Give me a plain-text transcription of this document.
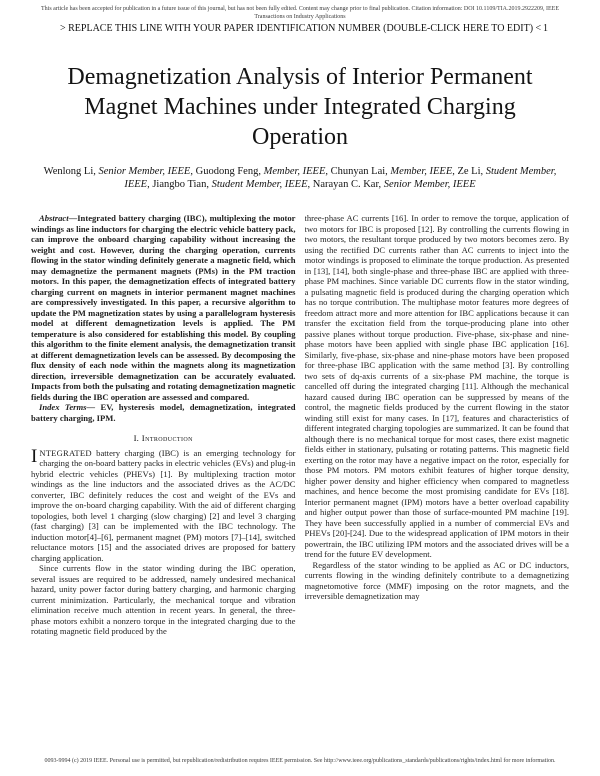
This article has been accepted for publication in a future issue of this journal, but has not been fully edited. Content may change prior to final publication. Citation information: DOI 10.1109/TIA.2019.2922209, IEEE
Transactions on Industry Applications
> REPLACE THIS LINE WITH YOUR PAPER IDENTIFICATION NUMBER (DOUBLE-CLICK HERE TO EDIT) < 1
Demagnetization Analysis of Interior Permanent Magnet Machines under Integrated Charging Operation
Wenlong Li, Senior Member, IEEE, Guodong Feng, Member, IEEE, Chunyan Lai, Member, IEEE, Ze Li, Student Member, IEEE, Jiangbo Tian, Student Member, IEEE, Narayan C. Kar, Senior Member, IEEE

Abstract—Integrated battery charging (IBC), multiplexing the motor windings as line inductors for charging the electric vehicle battery pack, can improve the onboard charging capability without increasing the weight and cost. However, during the charging operation, currents flowing in the stator winding definitely generate a magnetic field, which may demagnetize the permanent magnets (PMs) in the PM traction motors. In this paper, the demagnetization effects of integrated battery charging current on magnets in interior permanent magnet machines are compressively investigated. In this paper, a recursive algorithm to update the PM magnetization states by using a parallelogram hysteresis model at different demagnetization levels is applied. The PM temperature is also considered for establishing this model. By coupling this algorithm to the finite element analysis, the demagnetization transit at different demagnetization levels can be assessed. By decomposing the flux density of each node within the magnets along its magnetization direction, irreversible demagnetization can be accurately evaluated. Impacts from both the pulsating and rotating demagnetization magnetic fields during the IBC operation are assessed and compared.

Index Terms— EV, hysteresis model, demagnetization, integrated battery charging, IPM.

I. Introduction

INTEGRATED battery charging (IBC) is an emerging technology for charging the on-board battery packs in electric vehicles (EVs) and plug-in hybrid electric vehicles (PHEVs) [1]. By multiplexing traction motor windings as the line inductors and the associated drives as the AC/DC converter, IBC definitely reduces the cost and weight of the EVs and improve the on-board charging capability. With the aid of different charging topologies, both level 1 charging (slow charging) [2] and level 3 charging (fast charging) [3] can be implemented with the IBC technology. The induction motor[4]–[6], permanent magnet (PM) motors [7]–[14], switched reluctance motors [15] and the associated drives are proposed for battery charging application.

Since currents flow in the stator winding during the IBC operation, several issues are required to be addressed, namely undesired mechanical hazard, unity power factor during battery charging, and harmonic charging current minimization. Particularly, the mechanical torque and vibration elimination receive much attention in recent years. In general, the three-phase motors exhibit a nonzero torque in the integrated charging due to the rotating magnetic field produced by the

three-phase AC currents [16]. In order to remove the torque, application of two motors for IBC is proposed [12]. By controlling the currents flowing in two motors, the resultant torque produced by two motors becomes zero. By using the rectified DC currents rather than AC currents to inject into the motor windings is proposed to eliminate the torque production. As presented in [13], [14], both single-phase and three-phase IBC are applied with three-phase PM machines. Since variable DC currents flow in the stator winding, a pulsating magnetic field is produced during the charging operation which has no torque contribution. The multiphase motor features more degrees of freedom attract more and more attention for IBC applications because it can transfer the excitation field from the torque-producing plane into other passive planes without torque production. Five-phase, six-phase and nine-phase motors have been applied with single phase IBC application [16]. Similarly, five-phase, six-phase and nine-phase motors have been proposed for three-phase IBC application with the same method [3]. By controlling two sets of dq-axis currents of a six-phase PM machine, the torque is cancelled off during the integrated charging [11]. Although the mechanical hazard caused during IBC operation can be suppressed by means of the control, the magnetic fields produced by the current flowing in the stator winding still exist for many cases. In [17], features and characteristics of different integrated charging topologies are summarized. It can be found that although there is no mechanical torque for most cases, there exist magnetic fields either in stationary, pulsating or rotating patterns. This magnetic field exerting on the rotor may have a negative impact on the rotor, especially for those PM motors. PM motors exhibit features of higher torque density, higher power density and higher efficiency when compared to magnetless machines, and hence become the most promising candidate for EVs [18]. Interior permanent magnet (IPM) motors have a better overload capability and higher output power than those of surface-mounted PM machine [19]. They have been successfully applied in a number of commercial EVs and PHEVs [20]-[24]. Due to the widespread application of IPM motors in their powertrain, the IBC utilizing IPM motors and the associated drives will be a trend for the future EV development.

Regardless of the stator winding to be applied as AC or DC inductors, currents flowing in the winding definitely contribute to a demagnetizing magnetomotive force (MMF) imposing on the rotor magnets, and the irreversible demagnetization may

0093-9994 (c) 2019 IEEE. Personal use is permitted, but republication/redistribution requires IEEE permission. See http://www.ieee.org/publications_standards/publications/rights/index.html for more information.
